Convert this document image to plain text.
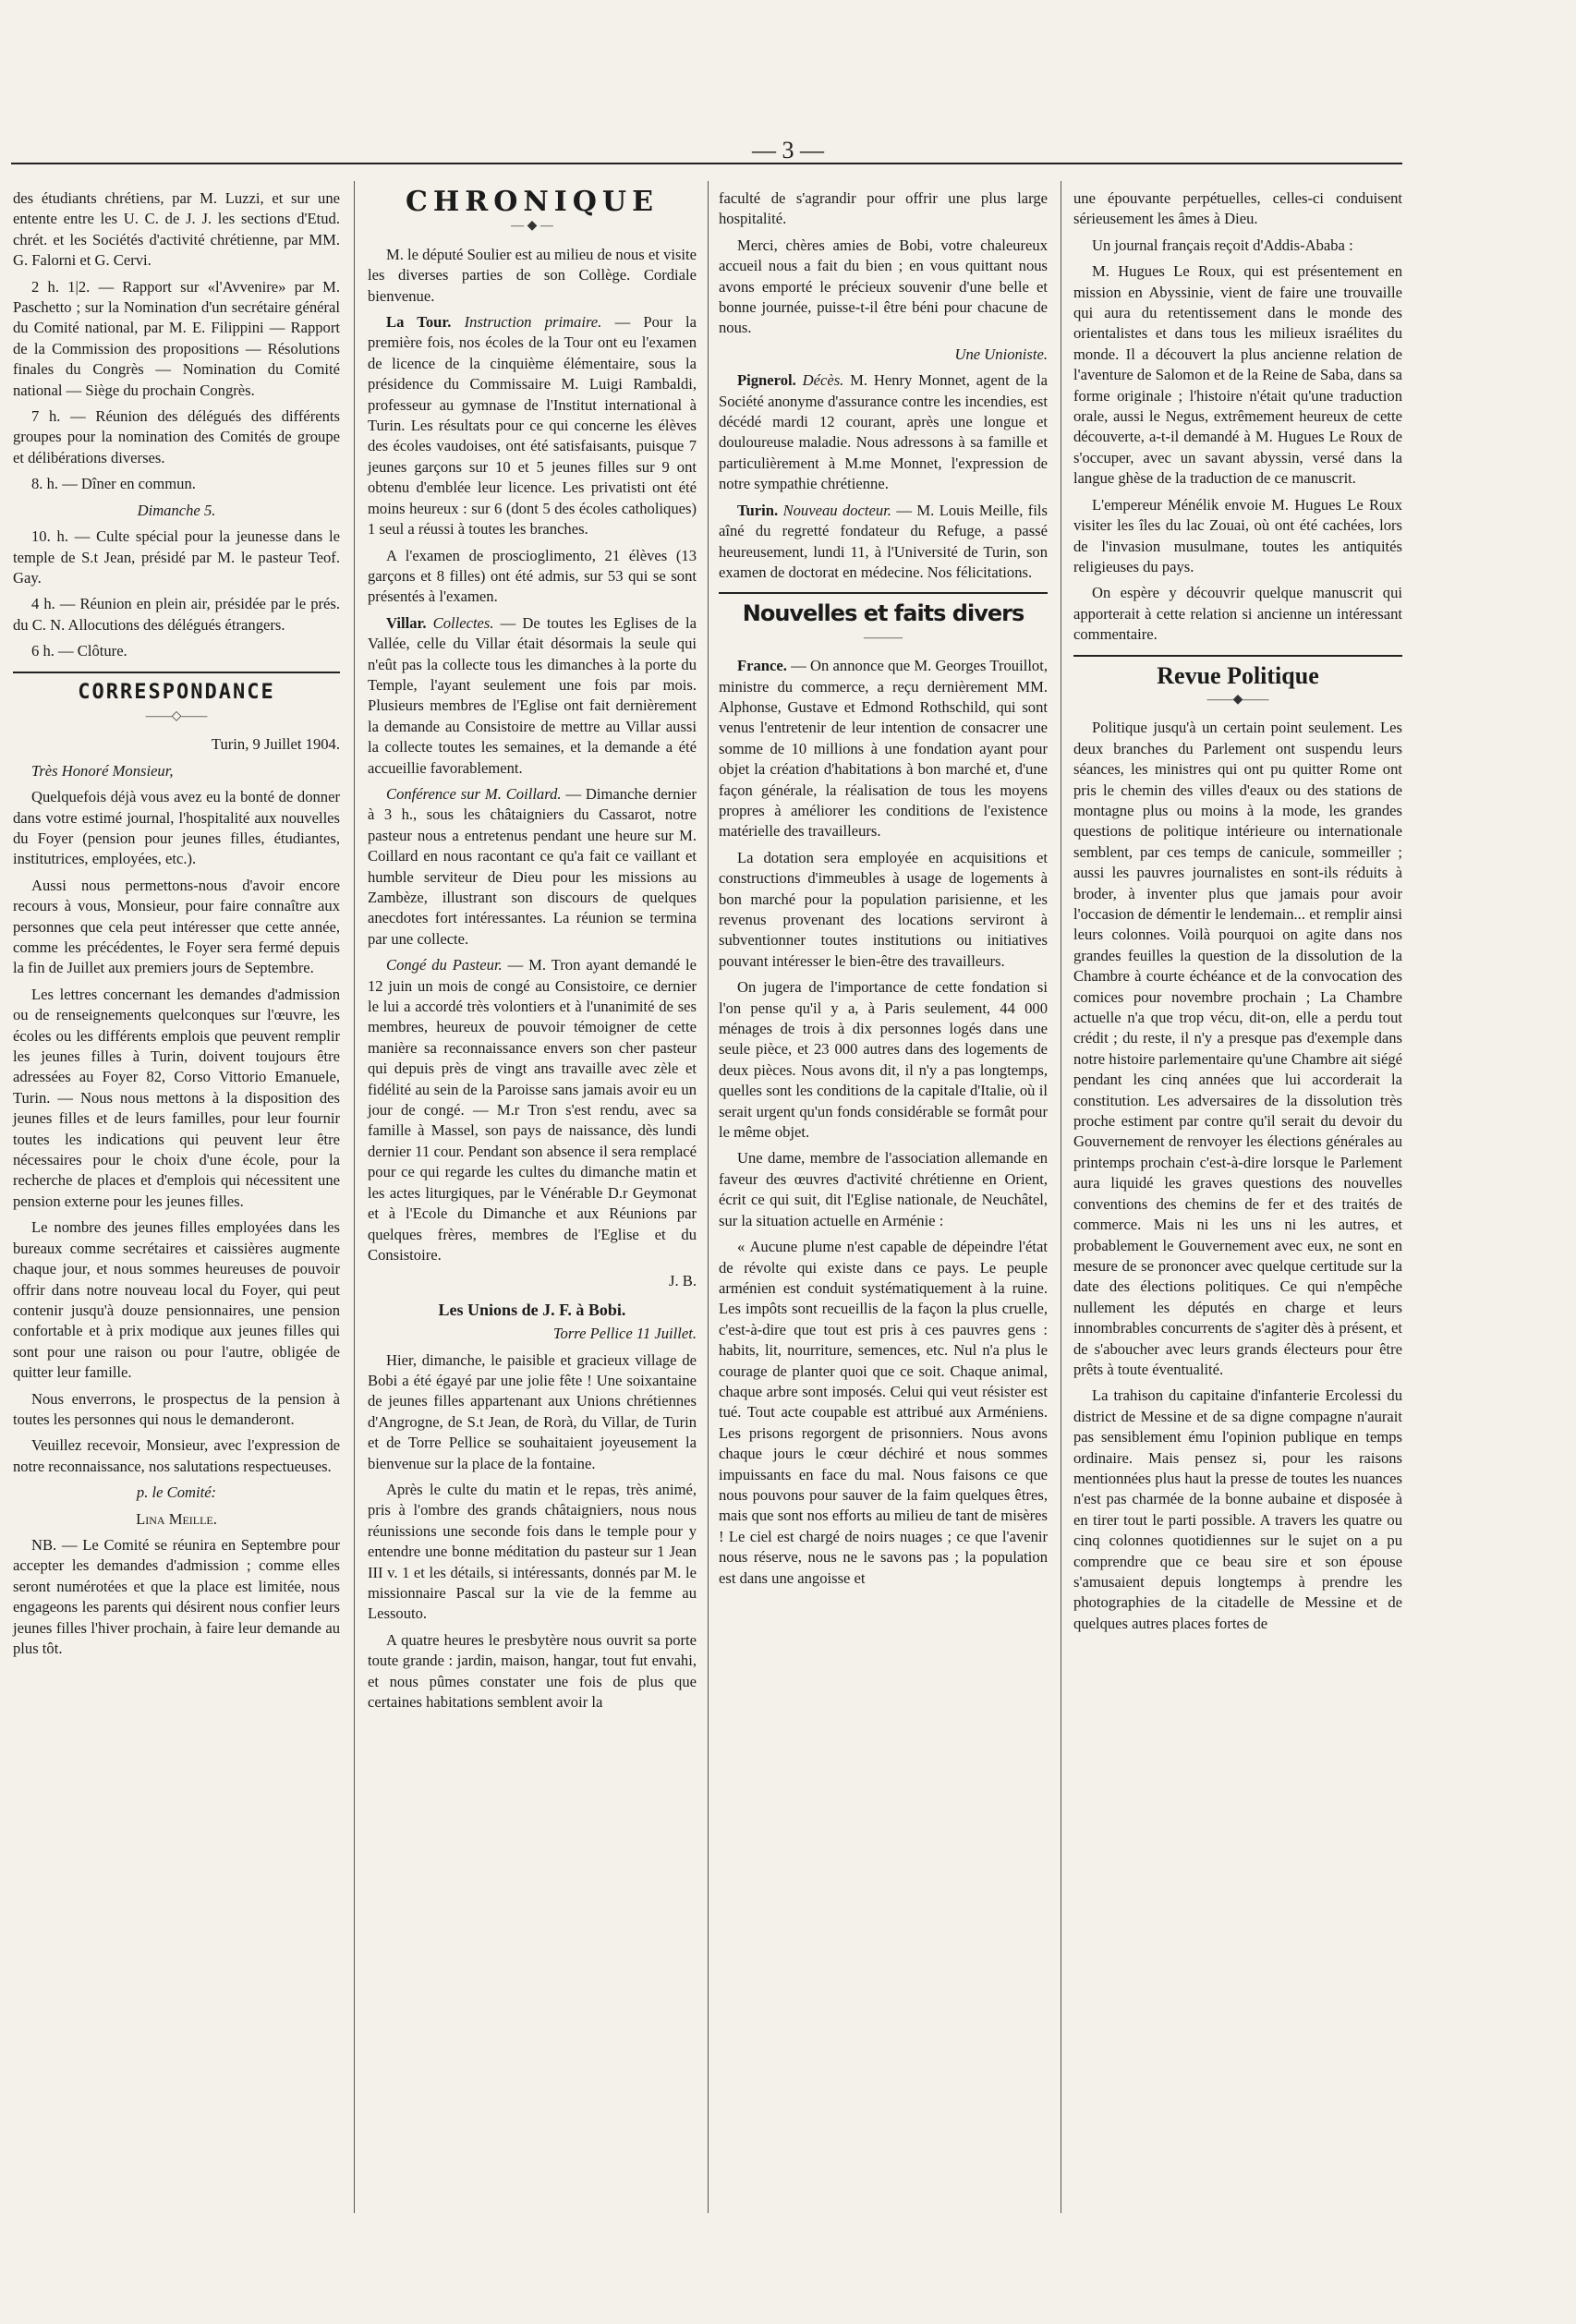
— 3 —

des étudiants chrétiens, par M. Luzzi, et sur une entente entre les U. C. de J. J. les sections d'Etud. chrét. et les Sociétés d'activité chrétienne, par MM. G. Falorni et G. Cervi.

2 h. 1|2. — Rapport sur «l'Avvenire» par M. Paschetto ; sur la Nomination d'un secrétaire général du Comité national, par M. E. Filippini — Rapport de la Commission des propositions — Résolutions finales du Congrès — Nomination du Comité national — Siège du prochain Congrès.

7 h. — Réunion des délégués des différents groupes pour la nomination des Comités de groupe et délibérations diverses.

8. h. — Dîner en commun.

Dimanche 5.

10. h. — Culte spécial pour la jeunesse dans le temple de S.t Jean, présidé par M. le pasteur Teof. Gay.

4 h. — Réunion en plein air, présidée par le prés. du C. N. Allocutions des délégués étrangers.

6 h. — Clôture.

CORRESPONDANCE
——◇——

Turin, 9 Juillet 1904.

Très Honoré Monsieur,

Quelquefois déjà vous avez eu la bonté de donner dans votre estimé journal, l'hospitalité aux nouvelles du Foyer (pension pour jeunes filles, étudiantes, institutrices, employées, etc.).

Aussi nous permettons-nous d'avoir encore recours à vous, Monsieur, pour faire connaître aux personnes que cela peut intéresser que cette année, comme les précédentes, le Foyer sera fermé depuis la fin de Juillet aux premiers jours de Septembre.

Les lettres concernant les demandes d'admission ou de renseignements quelconques sur l'œuvre, les écoles ou les différents emplois que peuvent remplir les jeunes filles à Turin, doivent toujours être adressées au Foyer 82, Corso Vittorio Emanuele, Turin. — Nous nous mettons à la disposition des jeunes filles et de leurs familles, pour leur fournir toutes les indications qui peuvent leur être nécessaires pour le choix d'une école, pour la recherche de places et d'emplois qui nécessitent une pension externe pour les jeunes filles.

Le nombre des jeunes filles employées dans les bureaux comme secrétaires et caissières augmente chaque jour, et nous sommes heureuses de pouvoir offrir dans notre nouveau local du Foyer, qui peut contenir jusqu'à douze pensionnaires, une pension confortable et à prix modique aux jeunes filles qui sont pour une raison ou pour l'autre, obligée de quitter leur famille.

Nous enverrons, le prospectus de la pension à toutes les personnes qui nous le demanderont.

Veuillez recevoir, Monsieur, avec l'expression de notre reconnaissance, nos salutations respectueuses.

p. le Comité:

Lina Meille.

NB. — Le Comité se réunira en Septembre pour accepter les demandes d'admission ; comme elles seront numérotées et que la place est limitée, nous engageons les parents qui désirent nous confier leurs jeunes filles l'hiver prochain, à faire leur demande au plus tôt.

CHRONIQUE
— ◆ —

M. le député Soulier est au milieu de nous et visite les diverses parties de son Collège. Cordiale bienvenue.

La Tour. Instruction primaire. — Pour la première fois, nos écoles de la Tour ont eu l'examen de licence de la cinquième élémentaire, sous la présidence du Commissaire M. Luigi Rambaldi, professeur au gymnase de l'Institut international à Turin. Les résultats pour ce qui concerne les élèves des écoles vaudoises, ont été satisfaisants, puisque 7 jeunes garçons sur 10 et 5 jeunes filles sur 9 ont obtenu d'emblée leur licence. Les privatisti ont été moins heureux : sur 6 (dont 5 des écoles catholiques) 1 seul a réussi à toutes les branches.

A l'examen de proscioglimento, 21 élèves (13 garçons et 8 filles) ont été admis, sur 53 qui se sont présentés à l'examen.

Villar. Collectes. — De toutes les Eglises de la Vallée, celle du Villar était désormais la seule qui n'eût pas la collecte tous les dimanches à la porte du Temple, l'ayant seulement une fois par mois. Plusieurs membres de l'Eglise ont fait dernièrement la demande au Consistoire de mettre au Villar aussi la collecte toutes les semaines, et la demande a été accueillie favorablement.

Conférence sur M. Coillard. — Dimanche dernier à 3 h., sous les châtaigniers du Cassarot, notre pasteur nous a entretenus pendant une heure sur M. Coillard en nous racontant ce qu'a fait ce vaillant et humble serviteur de Dieu pour les missions au Zambèze, illustrant son discours de quelques anecdotes fort intéressantes. La réunion se termina par une collecte.

Congé du Pasteur. — M. Tron ayant demandé le 12 juin un mois de congé au Consistoire, ce dernier le lui a accordé très volontiers et à l'unanimité de ses membres, heureux de pouvoir témoigner de cette manière sa reconnaissance envers son cher pasteur qui depuis près de vingt ans travaille avec zèle et fidélité au sein de la Paroisse sans jamais avoir eu un jour de congé. — M.r Tron s'est rendu, avec sa famille à Massel, son pays de naissance, dès lundi dernier 11 cour. Pendant son absence il sera remplacé pour ce qui regarde les cultes du dimanche matin et les actes liturgiques, par le Vénérable D.r Geymonat et à l'Ecole du Dimanche et aux Réunions par quelques frères, membres de l'Eglise et du Consistoire.

J. B.

Les Unions de J. F. à Bobi.

Torre Pellice 11 Juillet.

Hier, dimanche, le paisible et gracieux village de Bobi a été égayé par une jolie fête ! Une soixantaine de jeunes filles appartenant aux Unions chrétiennes d'Angrogne, de S.t Jean, de Rorà, du Villar, de Turin et de Torre Pellice se souhaitaient joyeusement la bienvenue sur la place de la fontaine.

Après le culte du matin et le repas, très animé, pris à l'ombre des grands châtaigniers, nous nous réunissions une seconde fois dans le temple pour y entendre une bonne méditation du pasteur sur 1 Jean III v. 1 et les détails, si intéressants, donnés par M. le missionnaire Pascal sur la vie de la femme au Lessouto.

A quatre heures le presbytère nous ouvrit sa porte toute grande : jardin, maison, hangar, tout fut envahi, et nous pûmes constater une fois de plus que certaines habitations semblent avoir la

faculté de s'agrandir pour offrir une plus large hospitalité.

Merci, chères amies de Bobi, votre chaleureux accueil nous a fait du bien ; en vous quittant nous avons emporté le précieux souvenir d'une belle et bonne journée, puisse-t-il être béni pour chacune de nous.

Une Unioniste.

Pignerol. Décès. M. Henry Monnet, agent de la Société anonyme d'assurance contre les incendies, est décédé mardi 12 courant, après une longue et douloureuse maladie. Nous adressons à sa famille et particulièrement à M.me Monnet, l'expression de notre sympathie chrétienne.

Turin. Nouveau docteur. — M. Louis Meille, fils aîné du regretté fondateur du Refuge, a passé heureusement, lundi 11, à l'Université de Turin, son examen de doctorat en médecine. Nos félicitations.

Nouvelles et faits divers
———

France. — On annonce que M. Georges Trouillot, ministre du commerce, a reçu dernièrement MM. Alphonse, Gustave et Edmond Rothschild, qui sont venus l'entretenir de leur intention de consacrer une somme de 10 millions à une fondation ayant pour objet la création d'habitations à bon marché et, d'une façon générale, la réalisation de tous les moyens propres à améliorer les conditions de l'existence matérielle des travailleurs.

La dotation sera employée en acquisitions et constructions d'immeubles à usage de logements à bon marché pour la population parisienne, et les revenus provenant des locations serviront à subventionner toutes institutions ou initiatives pouvant intéresser le bien-être des travailleurs.

On jugera de l'importance de cette fondation si l'on pense qu'il y a, à Paris seulement, 44 000 ménages de trois à dix personnes logés dans une seule pièce, et 23 000 autres dans des logements de deux pièces. Nous avons dit, il n'y a pas longtemps, quelles sont les conditions de la capitale d'Italie, où il serait urgent qu'un fonds considérable se formât pour le même objet.

Une dame, membre de l'association allemande en faveur des œuvres d'activité chrétienne en Orient, écrit ce qui suit, dit l'Eglise nationale, de Neuchâtel, sur la situation actuelle en Arménie :

« Aucune plume n'est capable de dépeindre l'état de révolte qui existe dans ce pays. Le peuple arménien est conduit systématiquement à la ruine. Les impôts sont recueillis de la façon la plus cruelle, c'est-à-dire que tout est pris à ces pauvres gens : habits, lit, nourriture, semences, etc. Nul n'a plus le courage de planter quoi que ce soit. Chaque animal, chaque arbre sont imposés. Celui qui veut résister est tué. Tout acte coupable est attribué aux Arméniens. Les prisons regorgent de prisonniers. Nous avons chaque jours le cœur déchiré et nous sommes impuissants en face du mal. Nous faisons ce que nous pouvons pour sauver de la faim quelques êtres, mais que sont nos efforts au milieu de tant de misères ! Le ciel est chargé de noirs nuages ; ce que l'avenir nous réserve, nous ne le savons pas ; la population est dans une angoisse et

une épouvante perpétuelles, celles-ci conduisent sérieusement les âmes à Dieu.

Un journal français reçoit d'Addis-Ababa :

M. Hugues Le Roux, qui est présentement en mission en Abyssinie, vient de faire une trouvaille qui aura du retentissement dans le monde des orientalistes et dans tous les milieux israélites du monde. Il a découvert la plus ancienne relation de l'aventure de Salomon et de la Reine de Saba, dans sa forme originale ; l'histoire n'était qu'une traduction orale, aussi le Negus, extrêmement heureux de cette découverte, a-t-il demandé à M. Hugues Le Roux de s'occuper, avec un savant abyssin, versé dans la langue ghèse de la traduction de ce manuscrit.

L'empereur Ménélik envoie M. Hugues Le Roux visiter les îles du lac Zouai, où ont été cachées, lors de l'invasion musulmane, toutes les antiquités religieuses du pays.

On espère y découvrir quelque manuscrit qui apporterait à cette relation si ancienne un intéressant commentaire.

Revue Politique
——◆——

Politique jusqu'à un certain point seulement. Les deux branches du Parlement ont suspendu leurs séances, les ministres qui ont pu quitter Rome ont pris le chemin des villes d'eaux ou des stations de montagne plus ou moins à la mode, les grandes questions de politique intérieure ou internationale semblent, par ces temps de canicule, sommeiller ; aussi les pauvres journalistes en sont-ils réduits à broder, à inventer plus que jamais pour avoir l'occasion de démentir le lendemain... et remplir ainsi leurs colonnes. Voilà pourquoi on agite dans nos grandes feuilles la question de la dissolution de la Chambre à courte échéance et de la convocation des comices pour novembre prochain ; La Chambre actuelle n'a que trop vécu, dit-on, elle a perdu tout crédit ; du reste, il n'y a presque pas d'exemple dans notre histoire parlementaire qu'une Chambre ait siégé pendant les cinq années que lui accorderait la constitution. Les adversaires de la dissolution très proche estiment par contre qu'il serait du devoir du Gouvernement de renvoyer les élections générales au printemps prochain c'est-à-dire lorsque le Parlement aura liquidé les graves questions des nouvelles conventions des chemins de fer et des traités de commerce. Mais ni les uns ni les autres, et probablement le Gouvernement avec eux, ne sont en mesure de se prononcer avec quelque certitude sur la date des élections politiques. Ce qui n'empêche nullement les députés en charge et leurs innombrables concurrents de s'agiter dès à présent, et de s'aboucher avec leurs grands électeurs pour être prêts à toute éventualité.

La trahison du capitaine d'infanterie Ercolessi du district de Messine et de sa digne compagne n'aurait pas sensiblement ému l'opinion publique en temps ordinaire. Mais pensez si, pour les raisons mentionnées plus haut la presse de toutes les nuances n'est pas charmée de la bonne aubaine et disposée à en tirer tout le parti possible. A travers les quatre ou cinq colonnes quotidiennes sur le sujet on a pu comprendre que ce beau sire et son épouse s'amusaient depuis longtemps à prendre les photographies de la citadelle de Messine et de quelques autres places fortes de
